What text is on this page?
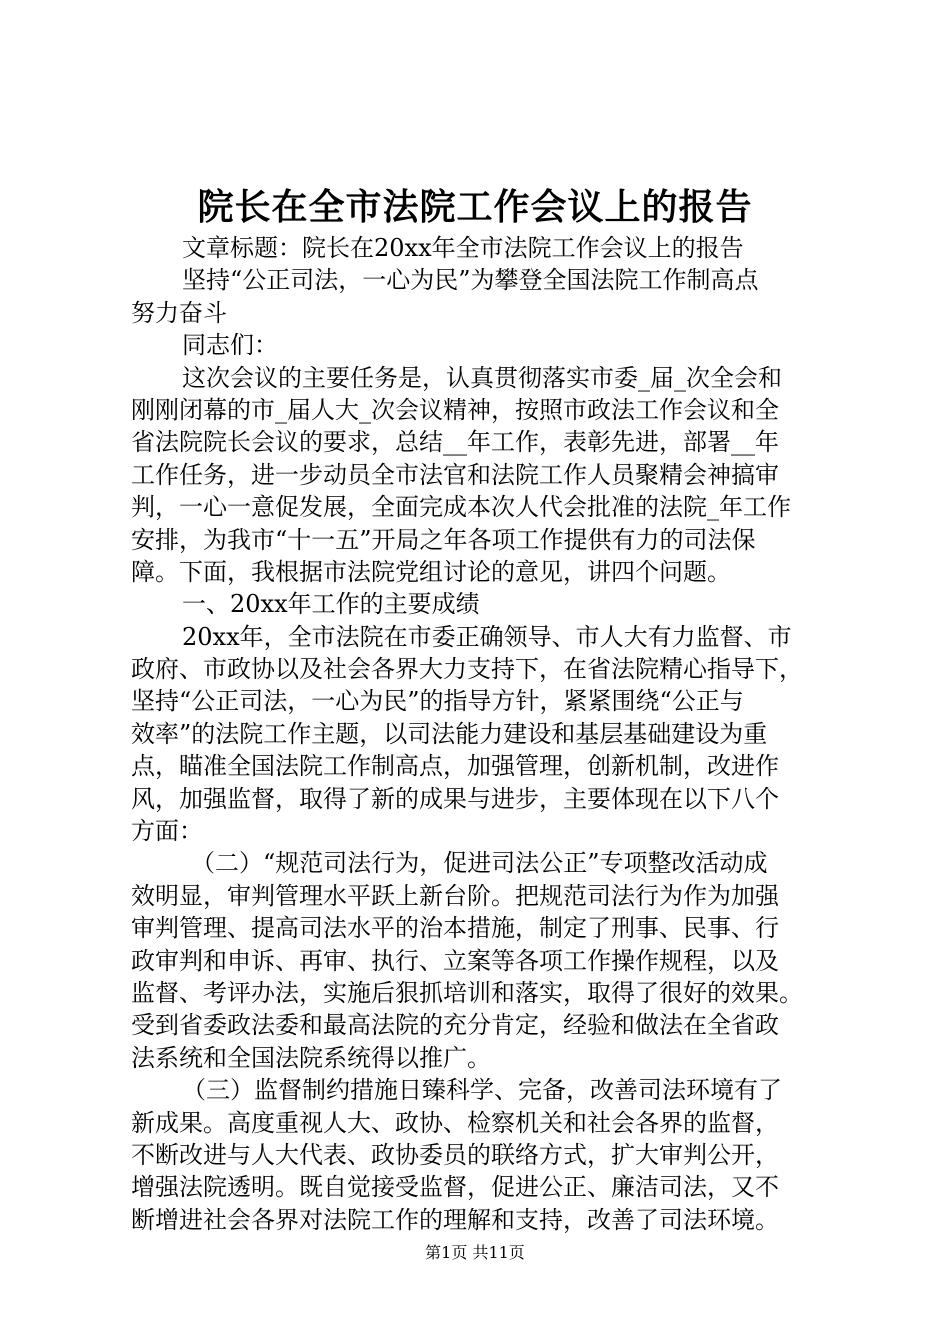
院长在全市法院工作会议上的报告
文章标题：院长在20xx年全市法院工作会议上的报告
坚持“公正司法，一心为民”为攀登全国法院工作制高点
努力奋斗
同志们：
这次会议的主要任务是，认真贯彻落实市委_届_次全会和
刚刚闭幕的市_届人大_次会议精神，按照市政法工作会议和全
省法院院长会议的要求，总结__年工作，表彰先进，部署__年
工作任务，进一步动员全市法官和法院工作人员聚精会神搞审
判，一心一意促发展，全面完成本次人代会批准的法院_年工作
安排，为我市“十一五”开局之年各项工作提供有力的司法保
障。下面，我根据市法院党组讨论的意见，讲四个问题。
一、20xx年工作的主要成绩
20xx年，全市法院在市委正确领导、市人大有力监督、市
政府、市政协以及社会各界大力支持下，在省法院精心指导下，
坚持“公正司法，一心为民”的指导方针，紧紧围绕“公正与
效率”的法院工作主题，以司法能力建设和基层基础建设为重
点，瞄准全国法院工作制高点，加强管理，创新机制，改进作
风，加强监督，取得了新的成果与进步，主要体现在以下八个
方面：
（二）“规范司法行为，促进司法公正”专项整改活动成
效明显，审判管理水平跃上新台阶。把规范司法行为作为加强
审判管理、提高司法水平的治本措施，制定了刑事、民事、行
政审判和申诉、再审、执行、立案等各项工作操作规程，以及
监督、考评办法，实施后狠抓培训和落实，取得了很好的效果。
受到省委政法委和最高法院的充分肯定，经验和做法在全省政
法系统和全国法院系统得以推广。
（三）监督制约措施日臻科学、完备，改善司法环境有了
新成果。高度重视人大、政协、检察机关和社会各界的监督，
不断改进与人大代表、政协委员的联络方式，扩大审判公开，
增强法院透明。既自觉接受监督，促进公正、廉洁司法，又不
断增进社会各界对法院工作的理解和支持，改善了司法环境。
第1页 共11页
